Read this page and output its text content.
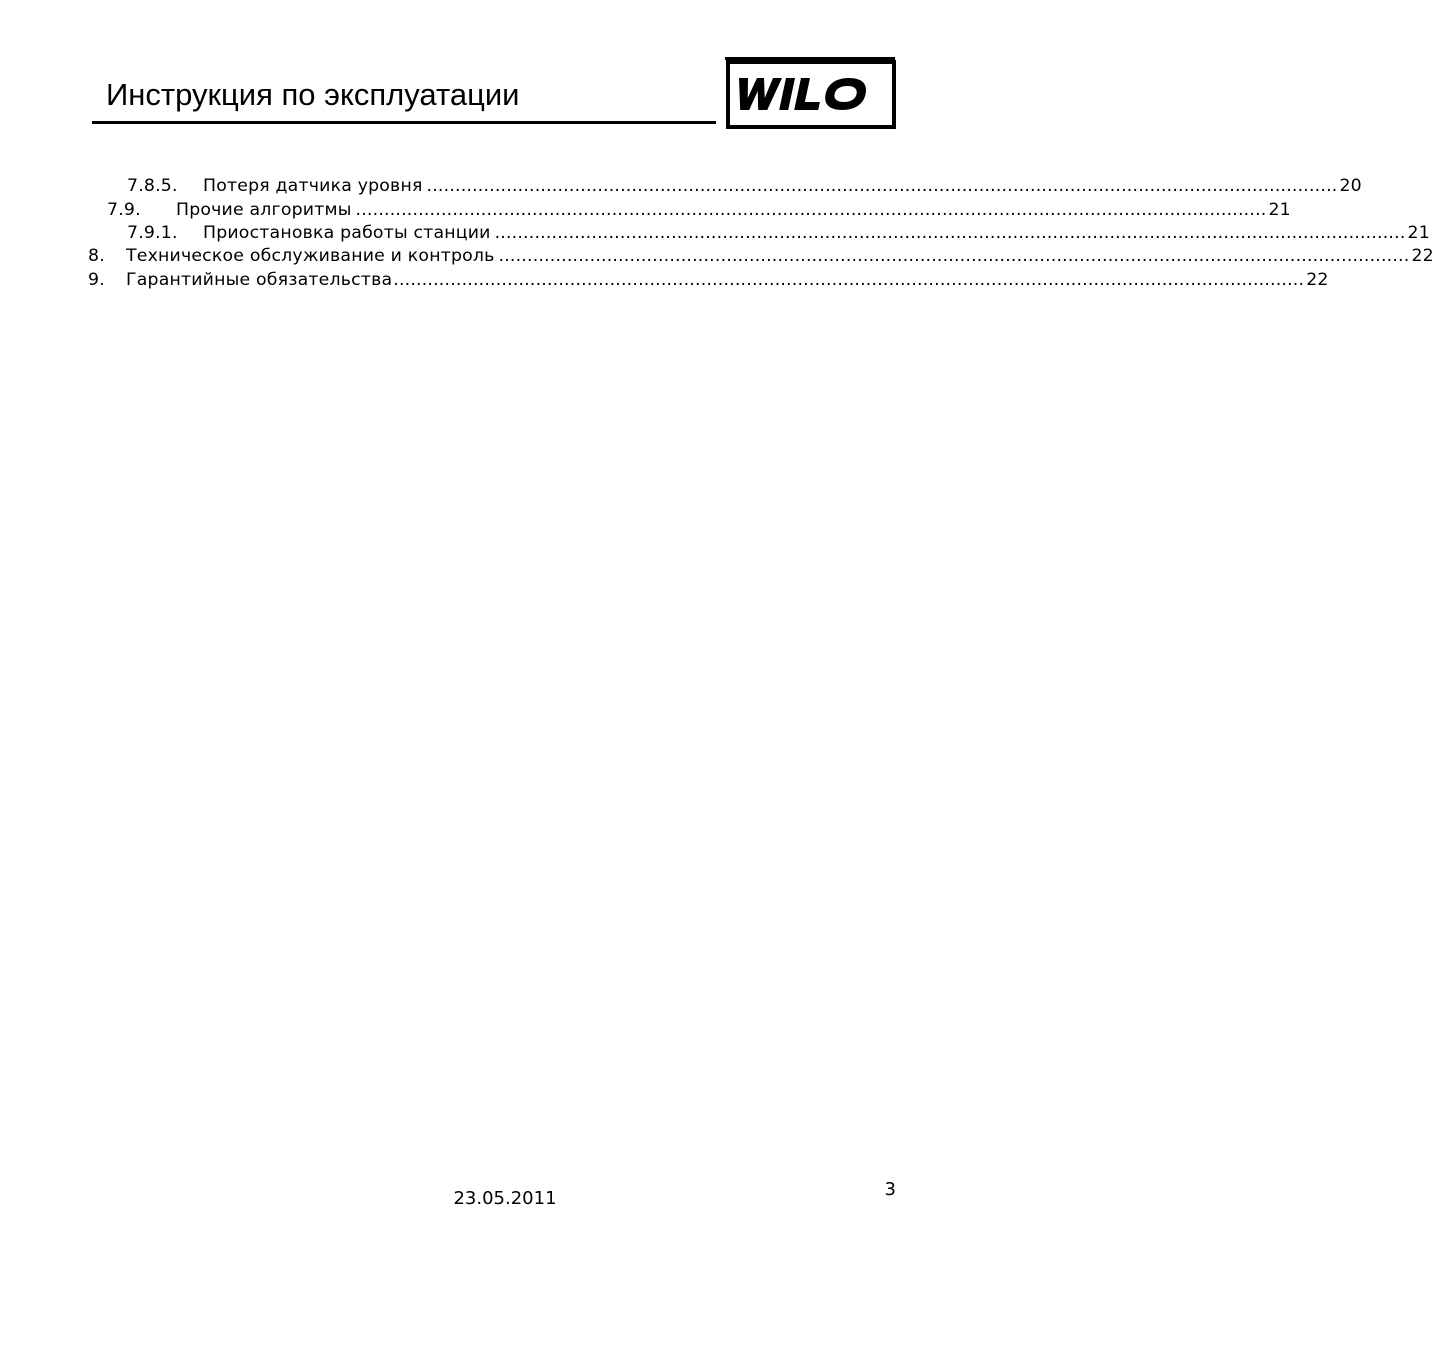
Инструкция по эксплуатации
7.8.5.	Потеря датчика уровня ................................................................................................................................................................ 20
7.9.	Прочие алгоритмы ................................................................................................................................................................ 21
7.9.1.	Приостановка работы станции ................................................................................................................................................................ 21
8.	Техническое обслуживание и контроль ................................................................................................................................................................ 22
9.	Гарантийные обязательства ................................................................................................................................................................ 22
23.05.2011	3
